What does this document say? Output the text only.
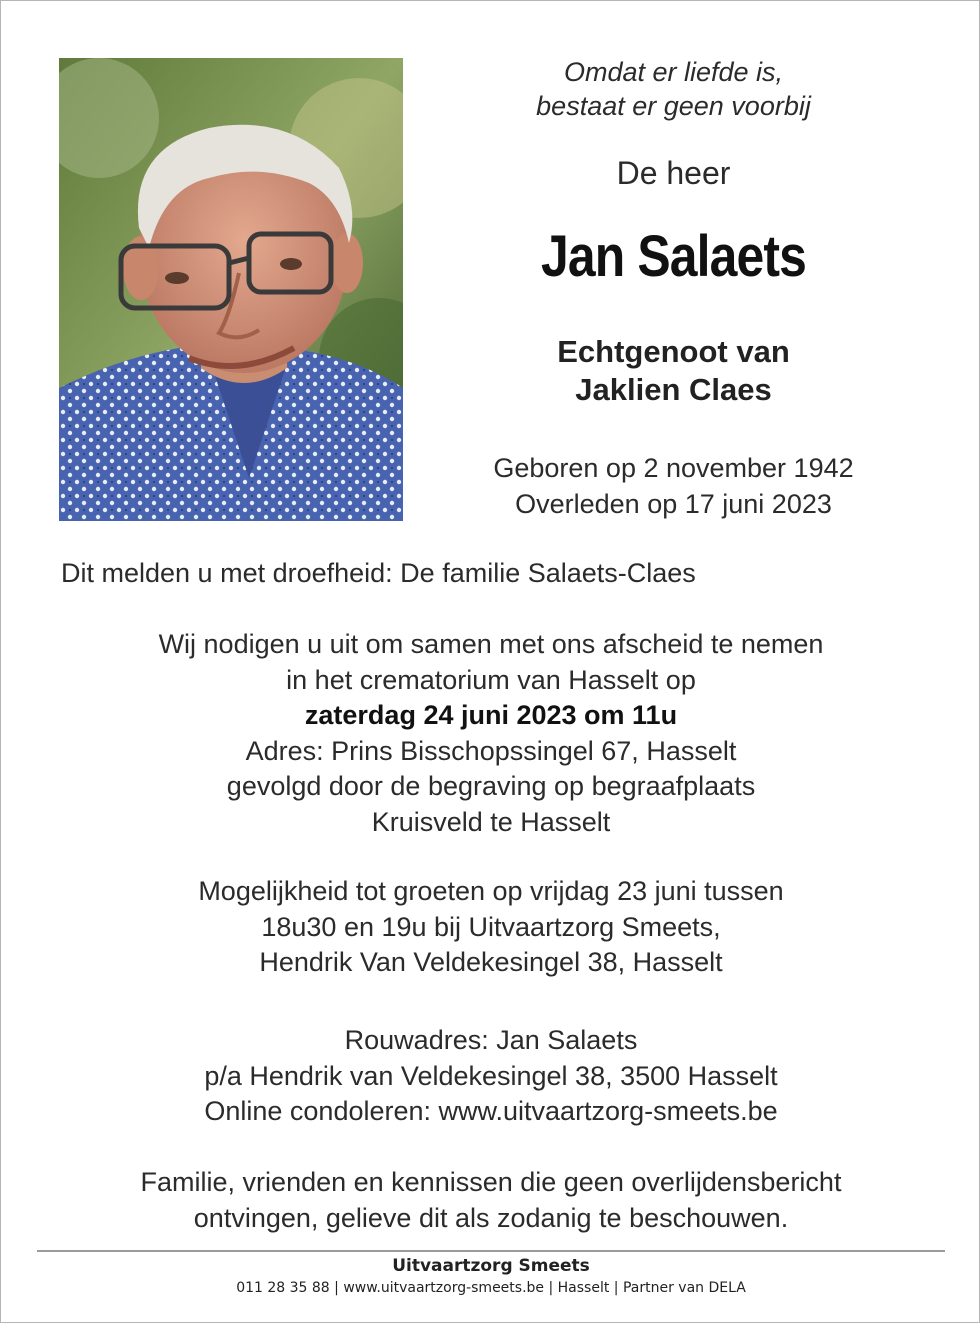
Omdat er liefde is,
bestaat er geen voorbij
De heer
Jan Salaets
Echtgenoot van
Jaklien Claes
Geboren op 2 november 1942
Overleden op 17 juni 2023
Dit melden u met droefheid: De familie Salaets-Claes
Wij nodigen u uit om samen met ons afscheid te nemen
in het crematorium van Hasselt op
zaterdag 24 juni 2023 om 11u
Adres: Prins Bisschopssingel 67, Hasselt
gevolgd door de begraving op begraafplaats
Kruisveld te Hasselt
Mogelijkheid tot groeten op vrijdag 23 juni tussen
18u30 en 19u bij Uitvaartzorg Smeets,
Hendrik Van Veldekesingel 38, Hasselt
Rouwadres: Jan Salaets
p/a Hendrik van Veldekesingel 38, 3500 Hasselt
Online condoleren: www.uitvaartzorg-smeets.be
Familie, vrienden en kennissen die geen overlijdensbericht
ontvingen, gelieve dit als zodanig te beschouwen.
Uitvaartzorg Smeets
011 28 35 88 | www.uitvaartzorg-smeets.be | Hasselt | Partner van DELA
